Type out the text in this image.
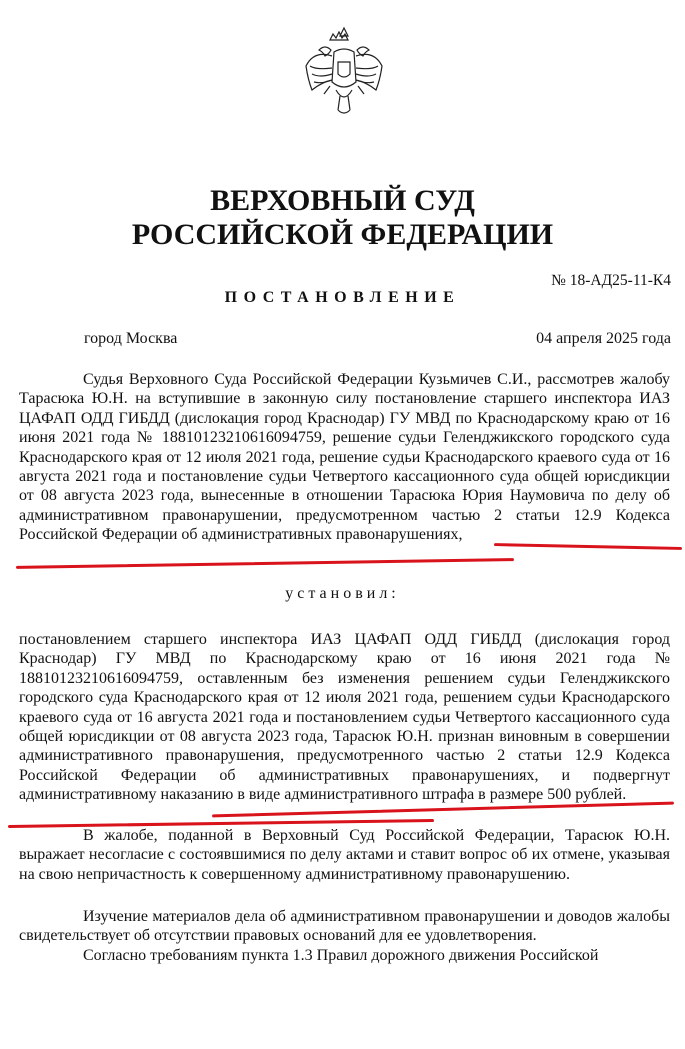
ВЕРХОВНЫЙ СУД
РОССИЙСКОЙ ФЕДЕРАЦИИ
№ 18-АД25-11-К4
ПОСТАНОВЛЕНИЕ
город Москва	04 апреля 2025 года

Судья Верховного Суда Российской Федерации Кузьмичев С.И., рассмотрев жалобу Тарасюка Ю.Н. на вступившие в законную силу постановление старшего инспектора ИАЗ ЦАФАП ОДД ГИБДД (дислокация город Краснодар) ГУ МВД по Краснодарскому краю от 16 июня 2021 года № 18810123210616094759, решение судьи Геленджикского городского суда Краснодарского края от 12 июля 2021 года, решение судьи Краснодарского краевого суда от 16 августа 2021 года и постановление судьи Четвертого кассационного суда общей юрисдикции от 08 августа 2023 года, вынесенные в отношении Тарасюка Юрия Наумовича по делу об административном правонарушении, предусмотренном частью 2 статьи 12.9 Кодекса Российской Федерации об административных правонарушениях,

установил:

постановлением старшего инспектора ИАЗ ЦАФАП ОДД ГИБДД (дислокация город Краснодар) ГУ МВД по Краснодарскому краю от 16 июня 2021 года № 18810123210616094759, оставленным без изменения решением судьи Геленджикского городского суда Краснодарского края от 12 июля 2021 года, решением судьи Краснодарского краевого суда от 16 августа 2021 года и постановлением судьи Четвертого кассационного суда общей юрисдикции от 08 августа 2023 года, Тарасюк Ю.Н. признан виновным в совершении административного правонарушения, предусмотренного частью 2 статьи 12.9 Кодекса Российской Федерации об административных правонарушениях, и подвергнут административному наказанию в виде административного штрафа в размере 500 рублей.

В жалобе, поданной в Верховный Суд Российской Федерации, Тарасюк Ю.Н. выражает несогласие с состоявшимися по делу актами и ставит вопрос об их отмене, указывая на свою непричастность к совершенному административному правонарушению.

Изучение материалов дела об административном правонарушении и доводов жалобы свидетельствует об отсутствии правовых оснований для ее удовлетворения.

Согласно требованиям пункта 1.3 Правил дорожного движения Российской
